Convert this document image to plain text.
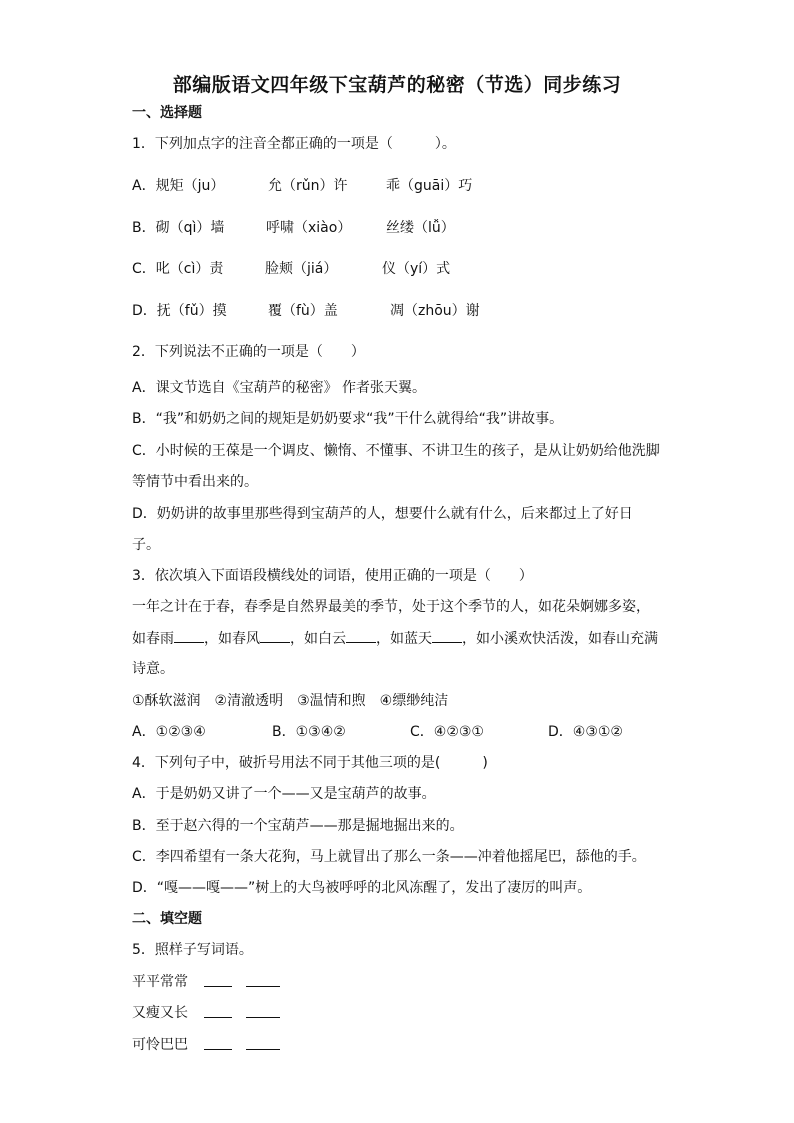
部编版语文四年级下宝葫芦的秘密（节选）同步练习
一、选择题
1．下列加点字的注音全都正确的一项是（　　　）。
A．规矩（ju）	允（rǔn）许	乖（guāi）巧
B．砌（qì）墙	呼啸（xiào） 丝缕（lǚ）
C．叱（cì）责	脸颊（jiá）	仪（yí）式
D．抚（fǔ）摸	覆（fù）盖	凋（zhōu）谢
2．下列说法不正确的一项是（　　）
A．课文节选自《宝葫芦的秘密》 作者张天翼。
B．“我”和奶奶之间的规矩是奶奶要求“我”干什么就得给“我”讲故事。
C．小时候的王葆是一个调皮、懒惰、不懂事、不讲卫生的孩子，是从让奶奶给他洗脚
等情节中看出来的。
D．奶奶讲的故事里那些得到宝葫芦的人，想要什么就有什么，后来都过上了好日
子。
3．依次填入下面语段横线处的词语，使用正确的一项是（　　）
一年之计在于春，春季是自然界最美的季节，处于这个季节的人，如花朵婀娜多姿，
如春雨 ，如春风 ，如白云 ，如蓝天 ，如小溪欢快活泼，如春山充满
诗意。
①酥软滋润　②清澈透明　③温情和煦　④缥缈纯洁
A．①②③④	B．①③④②	C．④②③①	D．④③①②
4．下列句子中，破折号用法不同于其他三项的是(　　　)
A．于是奶奶又讲了一个——又是宝葫芦的故事。
B．至于赵六得的一个宝葫芦——那是掘地掘出来的。
C．李四希望有一条大花狗，马上就冒出了那么一条——冲着他摇尾巴，舔他的手。
D．“嘎——嘎——”树上的大鸟被呼呼的北风冻醒了，发出了凄厉的叫声。
二、填空题
5．照样子写词语。
平平常常
又瘦又长
可怜巴巴
